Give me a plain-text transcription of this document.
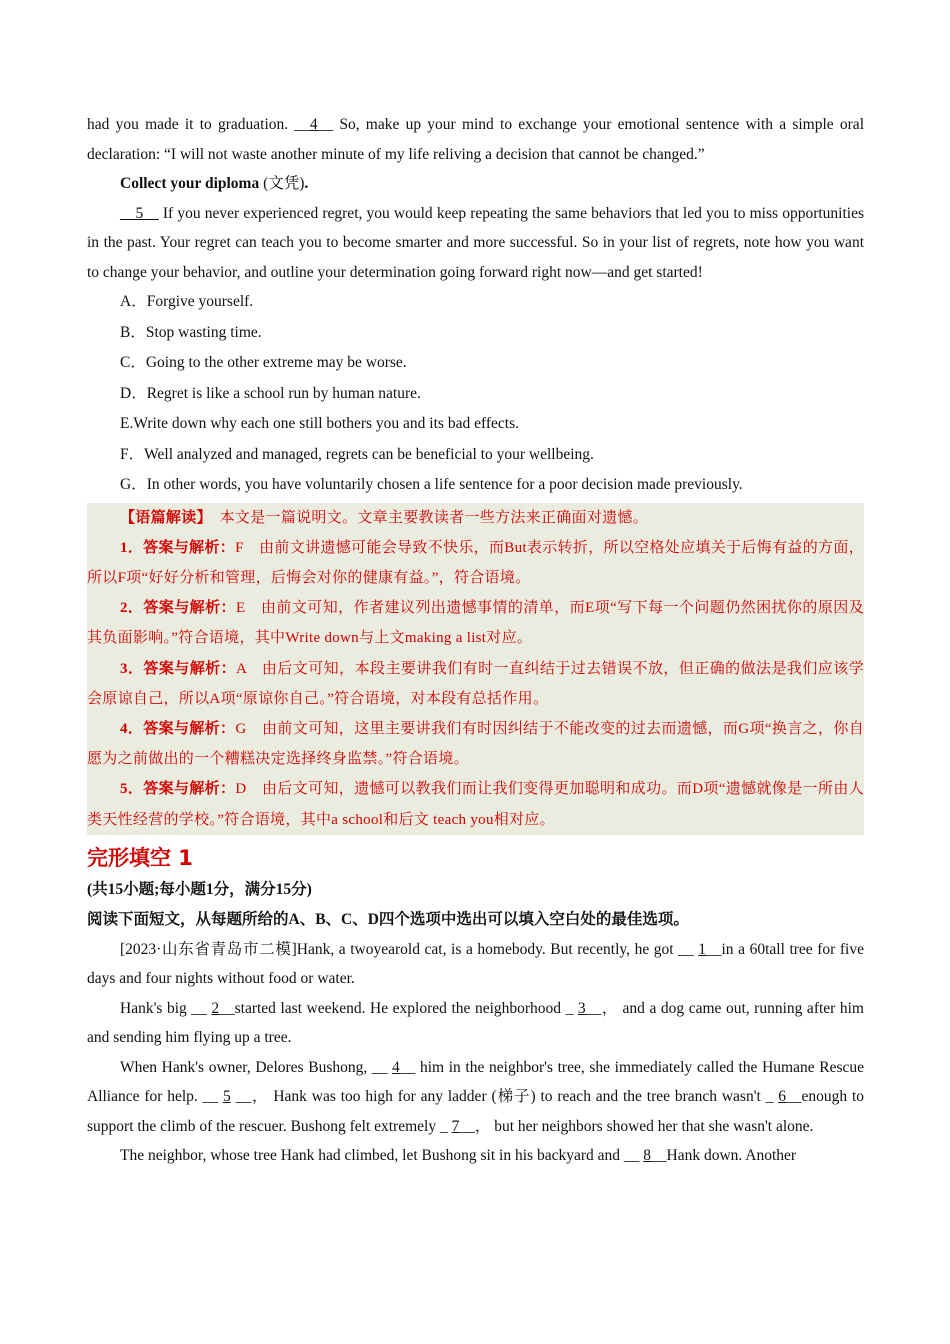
had you made it to graduation. __4__ So, make up your mind to exchange your emotional sentence with a simple oral declaration: “I will not waste another minute of my life reliving a decision that cannot be changed.”

Collect your diploma (文凭).

__5__ If you never experienced regret, you would keep repeating the same behaviors that led you to miss opportunities in the past. Your regret can teach you to become smarter and more successful. So in your list of regrets, note how you want to change your behavior, and outline your determination going forward right now—and get started!

A．Forgive yourself.

B．Stop wasting time.

C．Going to the other extreme may be worse.

D．Regret is like a school run by human nature.

E.Write down why each one still bothers you and its bad effects.

F．Well analyzed and managed, regrets can be beneficial to your wellbeing.

G．In other words, you have voluntarily chosen a life sentence for a poor decision made previously.

【语篇解读】　本文是一篇说明文。文章主要教读者一些方法来正确面对遗憾。

1．答案与解析：F　由前文讲遗憾可能会导致不快乐，而But表示转折，所以空格处应填关于后悔有益的方面，所以F项“好好分析和管理，后悔会对你的健康有益。”，符合语境。

2．答案与解析：E　由前文可知，作者建议列出遗憾事情的清单，而E项“写下每一个问题仍然困扰你的原因及其负面影响。”符合语境，其中Write down与上文making a list对应。

3．答案与解析：A　由后文可知，本段主要讲我们有时一直纠结于过去错误不放，但正确的做法是我们应该学会原谅自己，所以A项“原谅你自己。”符合语境，对本段有总括作用。

4．答案与解析：G　由前文可知，这里主要讲我们有时因纠结于不能改变的过去而遗憾，而G项“换言之，你自愿为之前做出的一个糟糕决定选择终身监禁。”符合语境。

5．答案与解析：D　由后文可知，遗憾可以教我们而让我们变得更加聪明和成功。而D项“遗憾就像是一所由人类天性经营的学校。”符合语境，其中a school和后文 teach you相对应。

完形填空 1
(共15小题;每小题1分，满分15分)
阅读下面短文，从每题所给的A、B、C、D四个选项中选出可以填入空白处的最佳选项。

[2023·山东省青岛市二模]Hank, a twoyearold cat, is a homebody. But recently, he got __ 1__in a 60tall tree for five days and four nights without food or water.

Hank's big __ 2__started last weekend. He explored the neighborhood _ 3__， and a dog came out, running after him and sending him flying up a tree.

When Hank's owner, Delores Bushong, __ 4__ him in the neighbor's tree, she immediately called the Humane Rescue Alliance for help. __ 5 __， Hank was too high for any ladder (梯子) to reach and the tree branch wasn't _ 6__enough to support the climb of the rescuer. Bushong felt extremely _ 7__， but her neighbors showed her that she wasn't alone.

The neighbor, whose tree Hank had climbed, let Bushong sit in his backyard and __ 8__Hank down. Another
